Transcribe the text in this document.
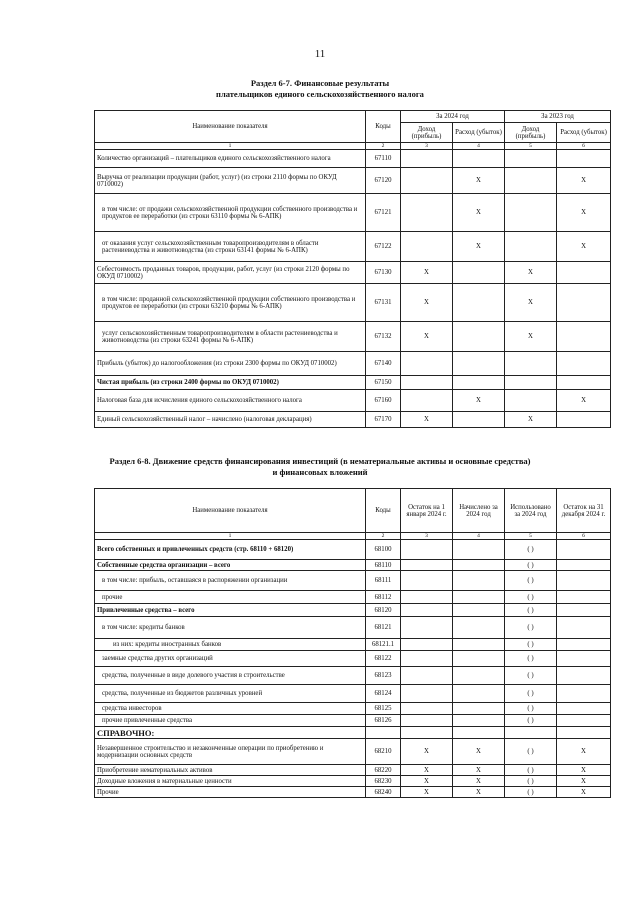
11
Раздел 6-7. Финансовые результаты
плательщиков единого сельскохозяйственного налога
Наименование показателя	Коды	За 2024 год		За 2023 год	
		Доход (прибыль)	Расход (убыток)	Доход (прибыль)	Расход (убыток)
1	2	3	4	5	6
Количество организаций – плательщиков единого сельскохозяйственного налога	67110				
Выручка от реализации продукции (работ, услуг) (из строки 2110 формы по ОКУД 0710002)	67120		X		X
в том числе: от продажи сельскохозяйственной продукции собственного производства и продуктов ее переработки (из строки 63110 формы № 6-АПК)	67121		X		X
от оказания услуг сельскохозяйственным товаропроизводителям в области растениеводства и животноводства (из строки 63141 формы № 6-АПК)	67122		X		X
Себестоимость проданных товаров, продукции, работ, услуг (из строки 2120 формы по ОКУД 0710002)	67130	X		X	
в том числе: проданной сельскохозяйственной продукции собственного производства и продуктов ее переработки (из строки 63210 формы № 6-АПК)	67131	X		X	
услуг сельскохозяйственным товаропроизводителям в области растениеводства и животноводства (из строки 63241 формы № 6-АПК)	67132	X		X	
Прибыль (убыток) до налогообложения (из строки 2300 формы по ОКУД 0710002)	67140				
Чистая прибыль (из строки 2400 формы по ОКУД 0710002)	67150				
Налоговая база для исчисления единого сельскохозяйственного налога	67160		X		X
Единый сельскохозяйственный налог – начислено (налоговая декларация)	67170	X		X	
Раздел 6-8. Движение средств финансирования инвестиций (в нематериальные активы и основные средства)
и финансовых вложений
Наименование показателя	Коды	Остаток на 1 января 2024 г.	Начислено за 2024 год	Использовано за 2024 год	Остаток на 31 декабря 2024 г.
1	2	3	4	5	6
Всего собственных и привлеченных средств (стр. 68110 + 68120)	68100			( )	
Собственные средства организации – всего	68110			( )	
в том числе: прибыль, оставшаяся в распоряжении организации	68111			( )	
прочие	68112			( )	
Привлеченные средства – всего	68120			( )	
в том числе: кредиты банков	68121			( )	
из них: кредиты иностранных банков	68121.1			( )	
заемные средства других организаций	68122			( )	
средства, полученные в виде долевого участия в строительстве	68123			( )	
средства, полученные из бюджетов различных уровней	68124			( )	
средства инвесторов	68125			( )	
прочие привлеченные средства	68126			( )	
СПРАВОЧНО:					
Незавершенное строительство и незаконченные операции по приобретению и модернизации основных средств	68210	X	X	( )	X
Приобретение нематериальных активов	68220	X	X	( )	X
Доходные вложения в материальные ценности	68230	X	X	( )	X
Прочие	68240	X	X	( )	X
